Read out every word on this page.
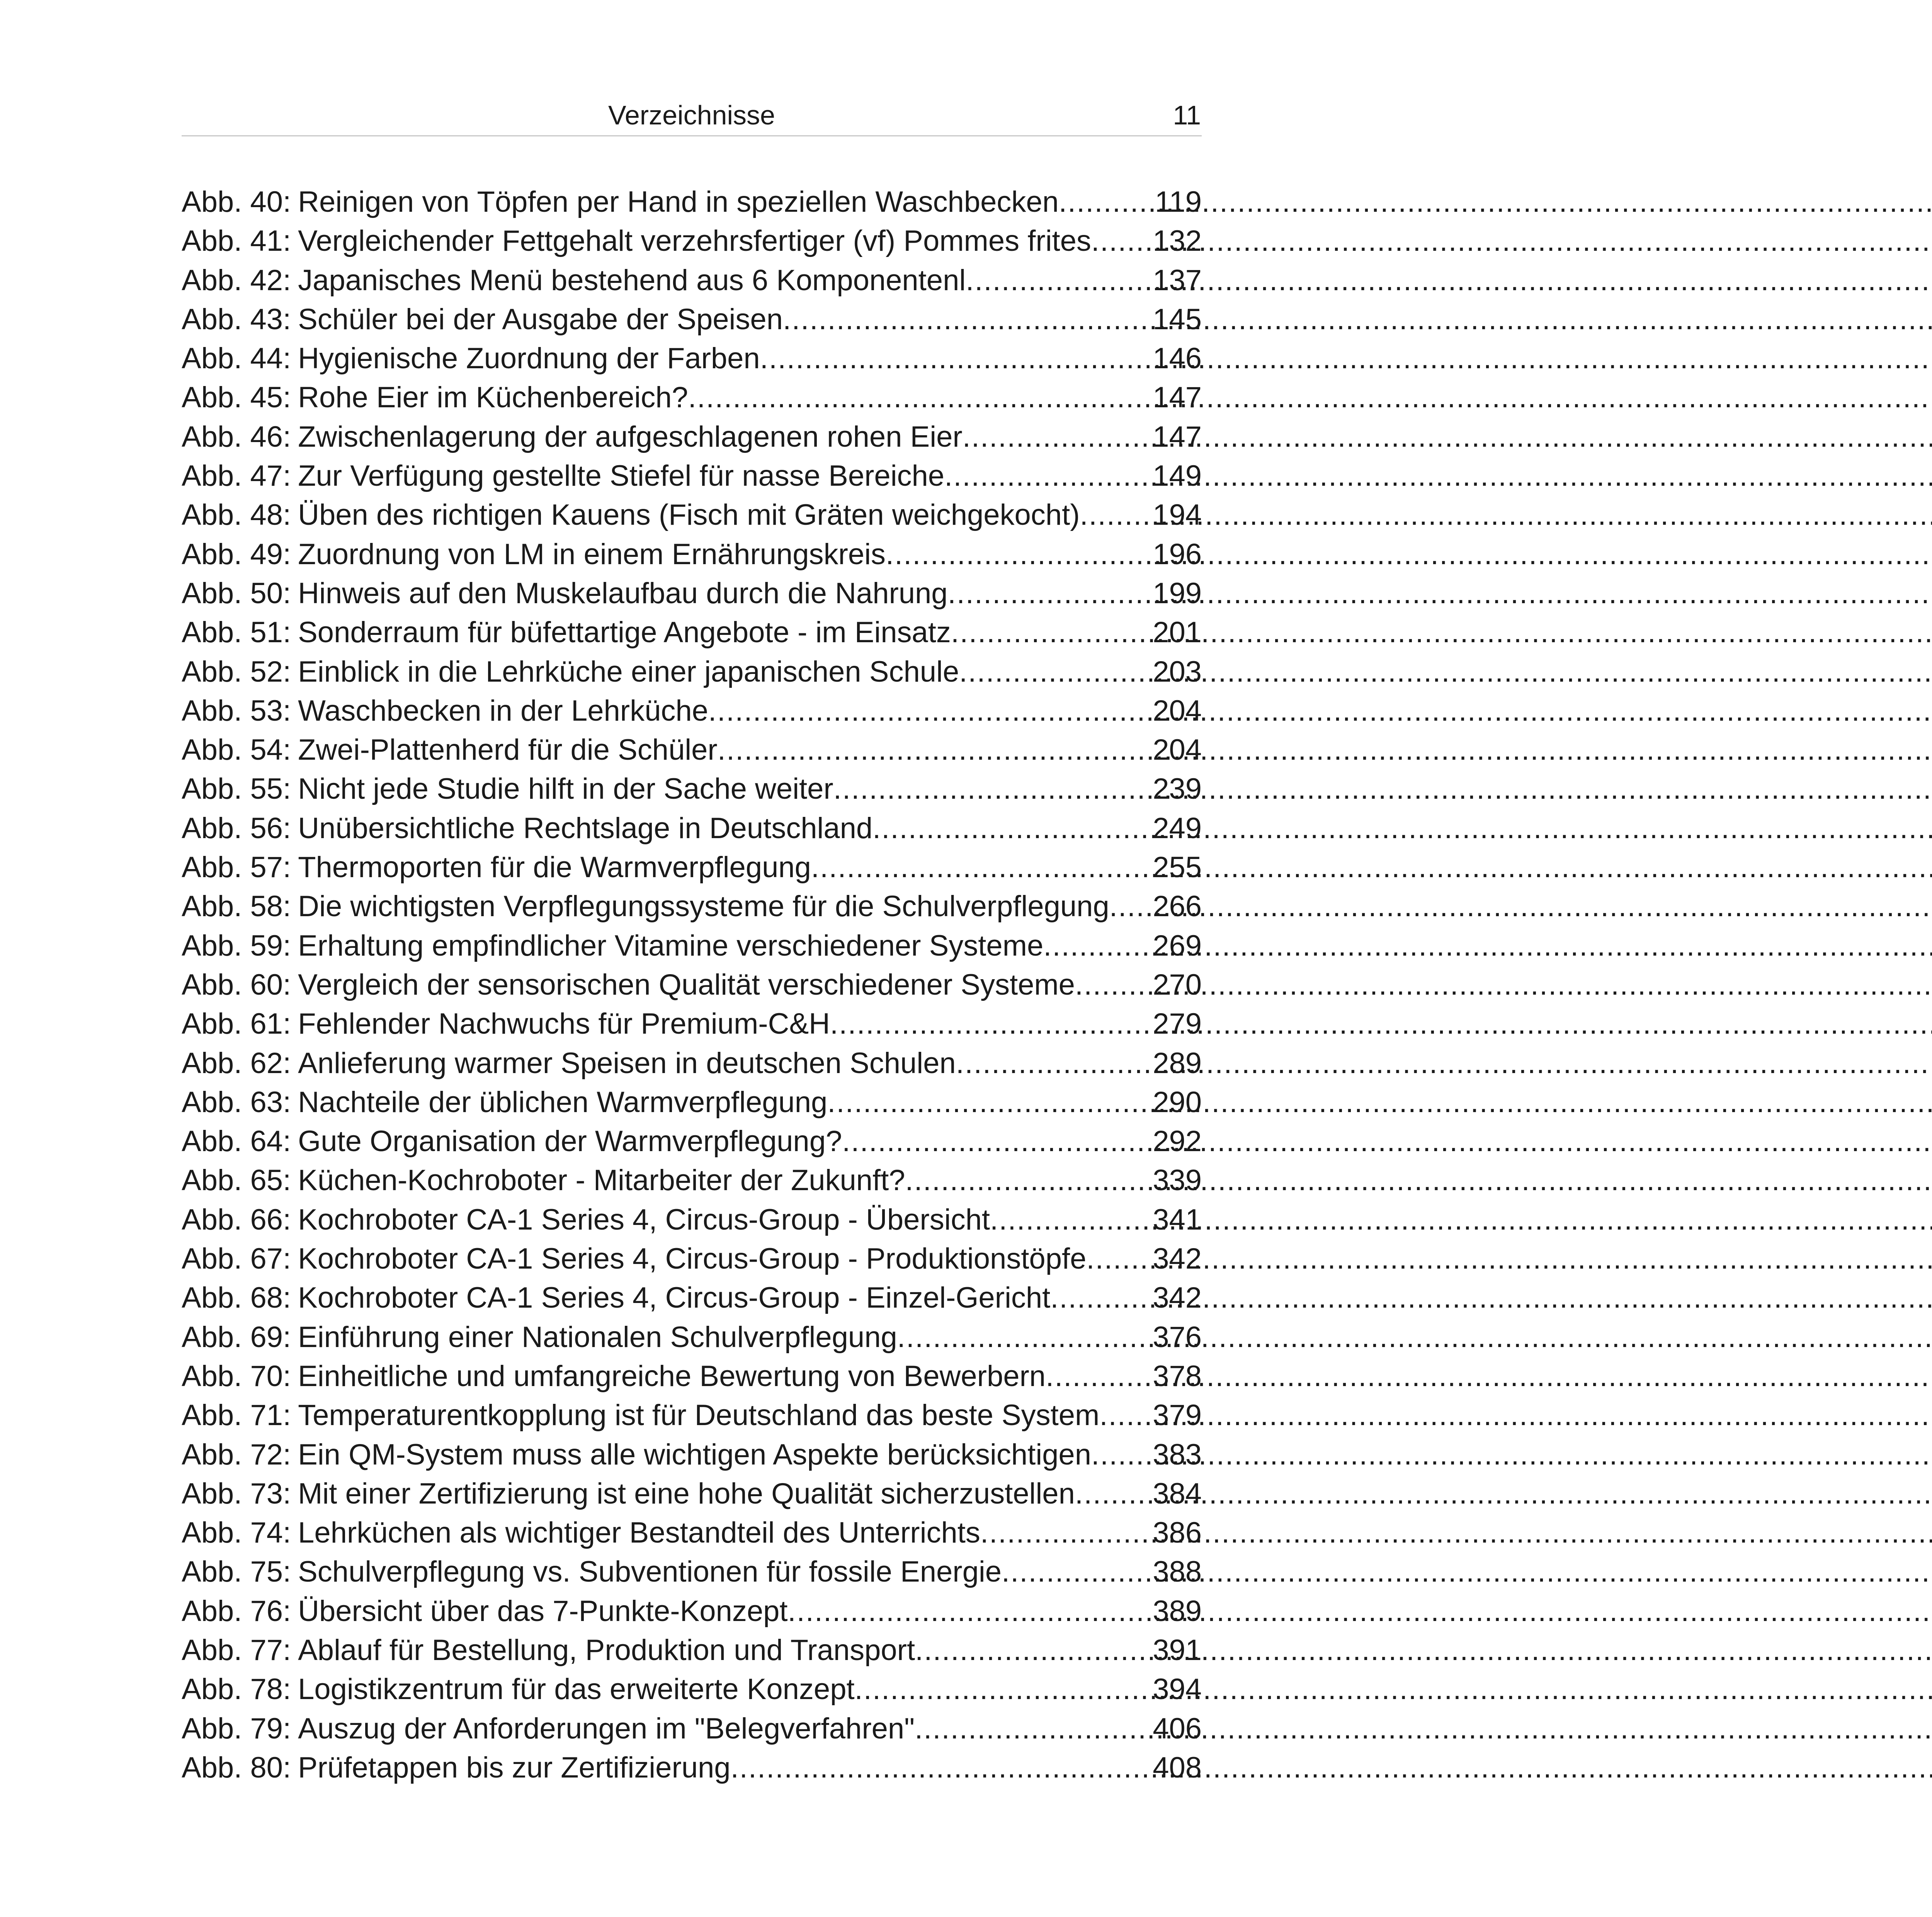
Verzeichnisse	11
Abb. 40: Reinigen von Töpfen per Hand in speziellen Waschbecken .....	119
Abb. 41: Vergleichender Fettgehalt verzehrsfertiger (vf) Pommes frites ..... 132
Abb. 42: Japanisches Menü bestehend aus 6 Komponentenl .....	137
Abb. 43: Schüler bei der Ausgabe der Speisen .....	145
Abb. 44: Hygienische Zuordnung der Farben .....	146
Abb. 45: Rohe Eier im Küchenbereich? .....	147
Abb. 46: Zwischenlagerung der aufgeschlagenen rohen Eier .....	147
Abb. 47: Zur Verfügung gestellte Stiefel für nasse Bereiche .....	149
Abb. 48: Üben des richtigen Kauens (Fisch mit Gräten weichgekocht) ..... 194
Abb. 49: Zuordnung von LM in einem Ernährungskreis .....	196
Abb. 50: Hinweis auf den Muskelaufbau durch die Nahrung .....	199
Abb. 51: Sonderraum für büfettartige Angebote - im Einsatz .....	201
Abb. 52: Einblick in die Lehrküche einer japanischen Schule .....	203
Abb. 53: Waschbecken in der Lehrküche .....	204
Abb. 54: Zwei-Plattenherd für die Schüler .....	204
Abb. 55: Nicht jede Studie hilft in der Sache weiter .....	239
Abb. 56: Unübersichtliche Rechtslage in Deutschland .....	249
Abb. 57: Thermoporten für die Warmverpflegung .....	255
Abb. 58: Die wichtigsten Verpflegungssysteme für die Schulverpflegung ..... 266
Abb. 59: Erhaltung empfindlicher Vitamine verschiedener Systeme .....	269
Abb. 60: Vergleich der sensorischen Qualität verschiedener Systeme .....	270
Abb. 61: Fehlender Nachwuchs für Premium-C&H .....	279
Abb. 62: Anlieferung warmer Speisen in deutschen Schulen .....	289
Abb. 63: Nachteile der üblichen Warmverpflegung .....	290
Abb. 64: Gute Organisation der Warmverpflegung? .....	292
Abb. 65: Küchen-Kochroboter - Mitarbeiter der Zukunft? .....	339
Abb. 66: Kochroboter CA-1 Series 4, Circus-Group - Übersicht .....	341
Abb. 67: Kochroboter CA-1 Series 4, Circus-Group - Produktionstöpfe ..... 342
Abb. 68: Kochroboter CA-1 Series 4, Circus-Group - Einzel-Gericht .....	342
Abb. 69: Einführung einer Nationalen Schulverpflegung .....	376
Abb. 70: Einheitliche und umfangreiche Bewertung von Bewerbern .....	378
Abb. 71: Temperaturentkopplung ist für Deutschland das beste System ..... 379
Abb. 72: Ein QM-System muss alle wichtigen Aspekte berücksichtigen ..... 383
Abb. 73: Mit einer Zertifizierung ist eine hohe Qualität sicherzustellen .....	384
Abb. 74: Lehrküchen als wichtiger Bestandteil des Unterrichts .....	386
Abb. 75: Schulverpflegung vs. Subventionen für fossile Energie .....	388
Abb. 76: Übersicht über das 7-Punkte-Konzept .....	389
Abb. 77: Ablauf für Bestellung, Produktion und Transport .....	391
Abb. 78: Logistikzentrum für das erweiterte Konzept .....	394
Abb. 79: Auszug der Anforderungen im "Belegverfahren" .....	406
Abb. 80: Prüfetappen bis zur Zertifizierung .....	408
